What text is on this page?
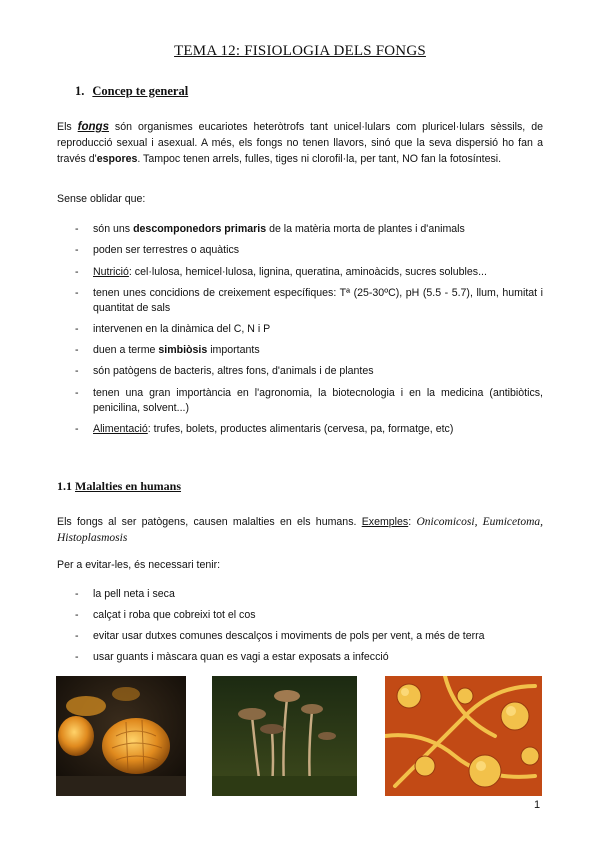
TEMA 12: FISIOLOGIA DELS FONGS
1. Concep te general
Els fongs són organismes eucariotes heteròtrofs tant unicel·lulars com pluricel·lulars sèssils, de reproducció sexual i asexual. A més, els fongs no tenen llavors, sinó que la seva dispersió ho fan a través d'espores. Tampoc tenen arrels, fulles, tiges ni clorofil·la, per tant, NO fan la fotosíntesi.
Sense oblidar que:
- són uns descomponedors primaris de la matèria morta de plantes i d'animals
- poden ser terrestres o aquàtics
- Nutrició: cel·lulosa, hemicel·lulosa, lignina, queratina, aminoàcids, sucres solubles...
- tenen unes concidions de creixement específiques: Tª (25-30ºC), pH (5.5 - 5.7), llum, humitat i quantitat de sals
- intervenen en la dinàmica del C, N i P
- duen a terme simbiòsis importants
- són patògens de bacteris, altres fons, d'animals i de plantes
- tenen una gran importància en l'agronomia, la biotecnologia i en la medicina (antibiòtics, penicilina, solvent...)
- Alimentació: trufes, bolets, productes alimentaris (cervesa, pa, formatge, etc)
1.1 Malalties en humans
Els fongs al ser patògens, causen malalties en els humans. Exemples: Onicomicosi, Eumicetoma, Histoplasmosis
Per a evitar-les, és necessari tenir:
- la pell neta i seca
- calçat i roba que cobreixi tot el cos
- evitar usar dutxes comunes descalços i moviments de pols per vent, a més de terra
- usar guants i màscara quan es vagi a estar exposats a infecció
1
